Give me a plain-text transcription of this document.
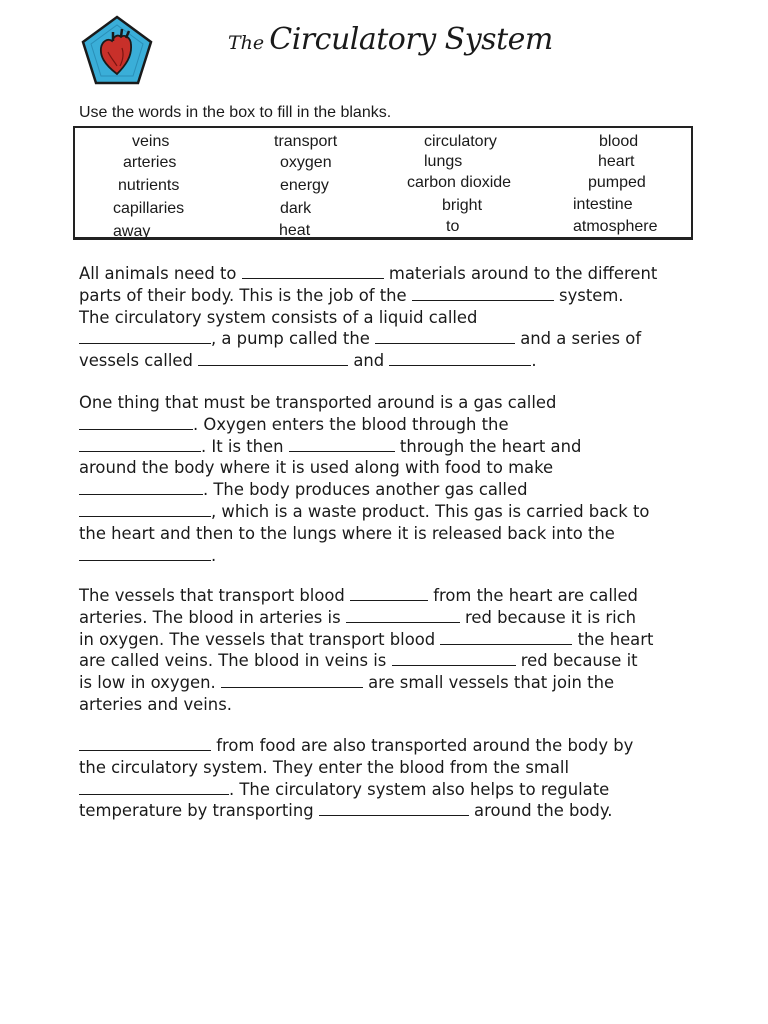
The Circulatory System
Use the words in the box to fill in the blanks.
veins	transport	circulatory	blood
arteries	oxygen	lungs	heart
nutrients	energy	carbon dioxide	pumped
capillaries	dark	bright	intestine
away	heat	to	atmosphere
All animals need to	materials around to the different
parts of their body. This is the job of the	system.
The circulatory system consists of a liquid called
, a pump called the	and a series of
vessels called	and	.
One thing that must be transported around is a gas called
. Oxygen enters the blood through the
. It is then	through the heart and
around the body where it is used along with food to make
. The body produces another gas called
, which is a waste product. This gas is carried back to
the heart and then to the lungs where it is released back into the
.
The vessels that transport blood	from the heart are called
arteries. The blood in arteries is	red because it is rich
in oxygen. The vessels that transport blood	the heart
are called veins. The blood in veins is	red because it
is low in oxygen.	are small vessels that join the
arteries and veins.
from food are also transported around the body by
the circulatory system. They enter the blood from the small
. The circulatory system also helps to regulate
temperature by transporting	around the body.
